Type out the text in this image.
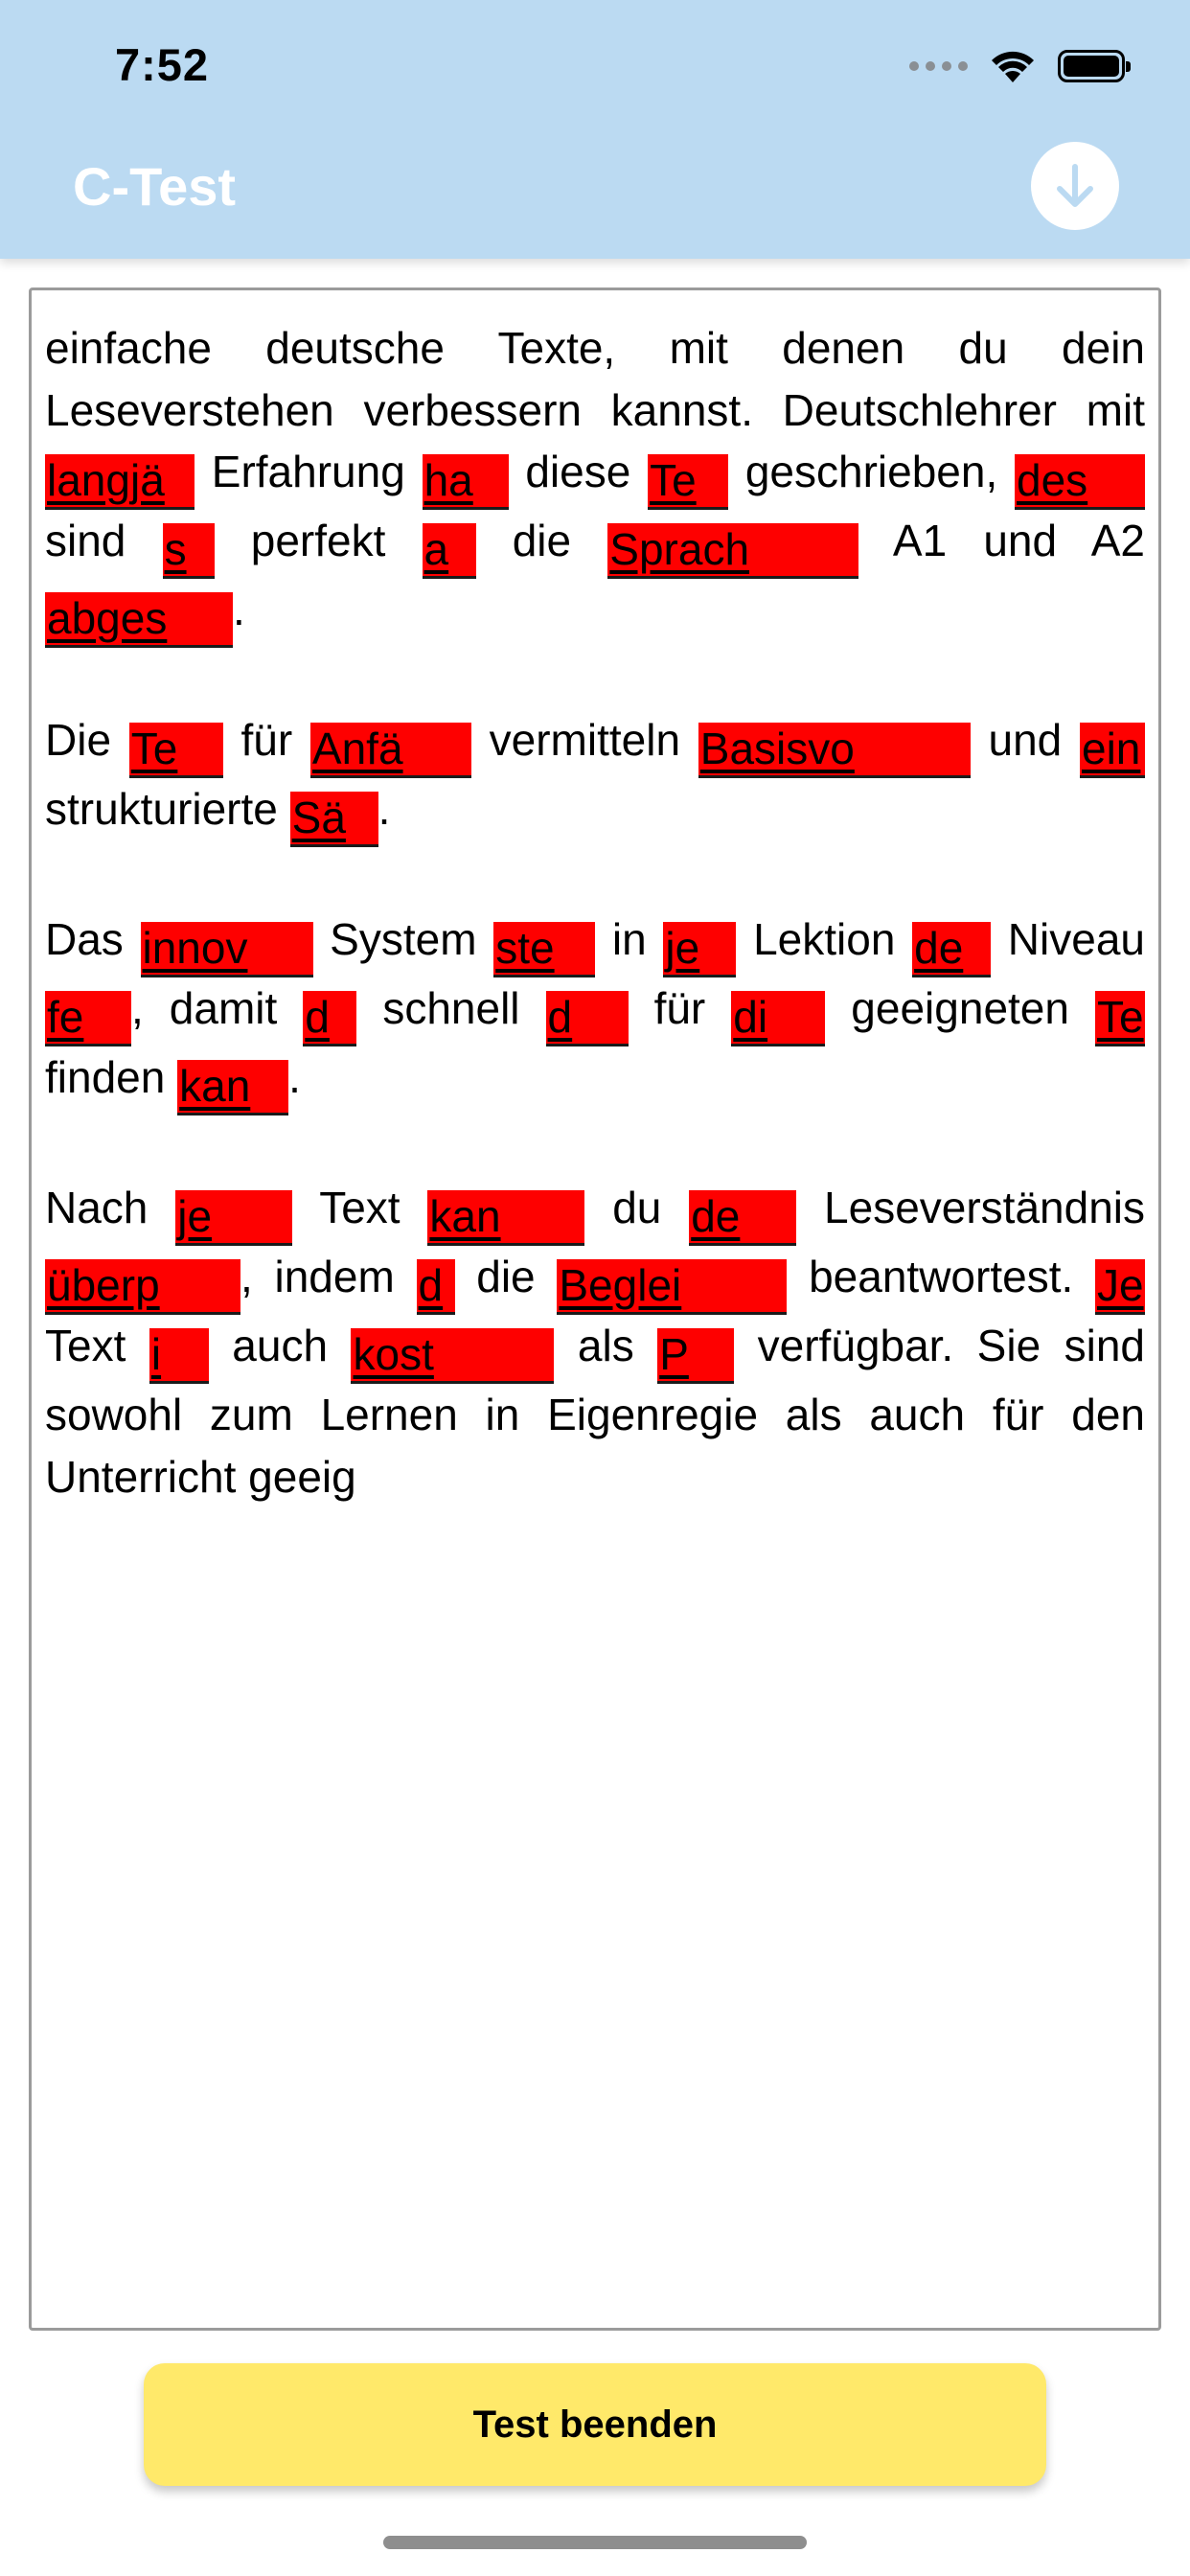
7:52
C-Test

einfache deutsche Texte, mit denen du dein Leseverstehen verbessern kannst. Deutschlehrer mit langjä Erfahrung ha diese Te geschrieben, des sind s perfekt a die Sprach A1 und A2 abges .

Die Te für Anfä vermitteln Basisvo	und ein strukturierte Sä .

Das innov System ste in je Lektion de Niveau fe , damit d schnell d für di geeigneten Te finden kan .

Nach je Text kan du de Leseverständnis überp , indem d die Beglei beantwortest. Je Text i auch kost	als P verfügbar. Sie sind sowohl zum Lernen in Eigenregie als auch für den Unterricht geeig

Test beenden
